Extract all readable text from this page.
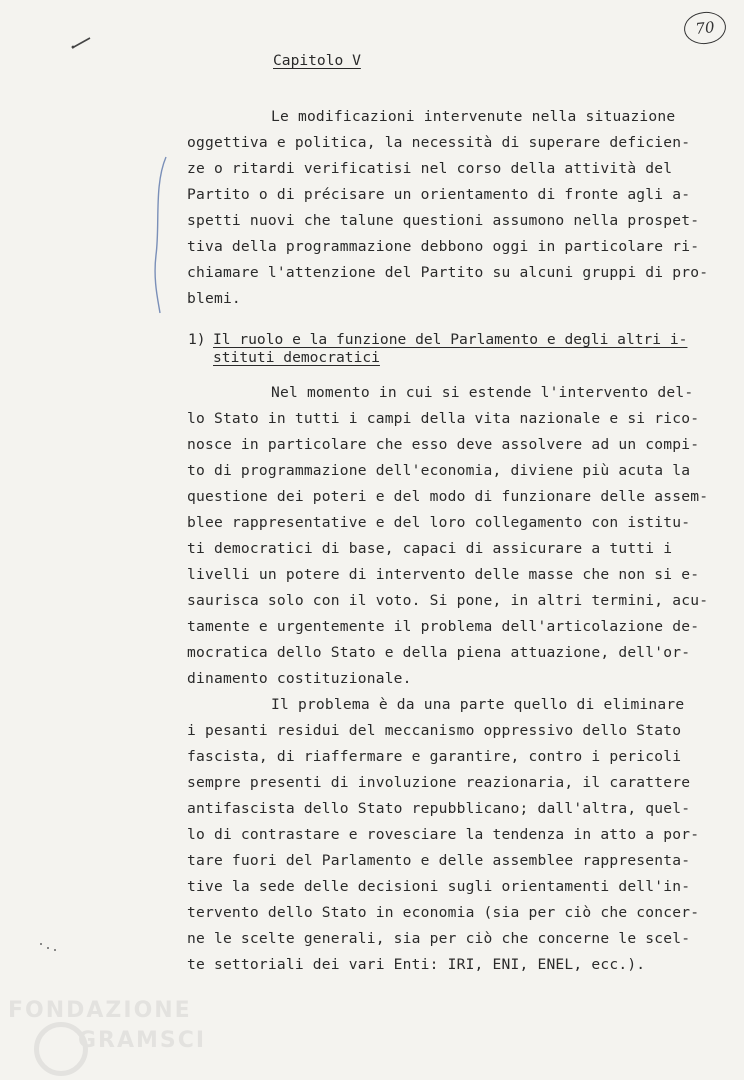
70
Capitolo V
Le modificazioni intervenute nella situazione
oggettiva e politica, la necessità di superare deficien-
ze o ritardi verificatisi nel corso della attività del
Partito o di précisare un orientamento di fronte agli a-
spetti nuovi che talune questioni assumono nella prospet-
tiva della programmazione debbono oggi in particolare ri-
chiamare l'attenzione del Partito su alcuni gruppi di pro-
blemi.
1) Il ruolo e la funzione del Parlamento e degli altri i-
stituti democratici
Nel momento in cui si estende l'intervento del-
lo Stato in tutti i campi della vita nazionale e si rico-
nosce in particolare che esso deve assolvere ad un compi-
to di programmazione dell'economia, diviene più acuta la
questione dei poteri e del modo di funzionare delle assem-
blee rappresentative e del loro collegamento con istitu-
ti democratici di base, capaci di assicurare a tutti i
livelli un potere di intervento delle masse che non si e-
saurisca solo con il voto. Si pone, in altri termini, acu-
tamente e urgentemente il problema dell'articolazione de-
mocratica dello Stato e della piena attuazione, dell'or-
dinamento costituzionale.
Il problema è da una parte quello di eliminare
i pesanti residui del meccanismo oppressivo dello Stato
fascista, di riaffermare e garantire, contro i pericoli
sempre presenti di involuzione reazionaria, il carattere
antifascista dello Stato repubblicano; dall'altra, quel-
lo di contrastare e rovesciare la tendenza in atto a por-
tare fuori del Parlamento e delle assemblee rappresenta-
tive la sede delle decisioni sugli orientamenti dell'in-
tervento dello Stato in economia (sia per ciò che concer-
ne le scelte generali, sia per ciò che concerne le scel-
te settoriali dei vari Enti: IRI, ENI, ENEL, ecc.).
FONDAZIONE
GRAMSCI
